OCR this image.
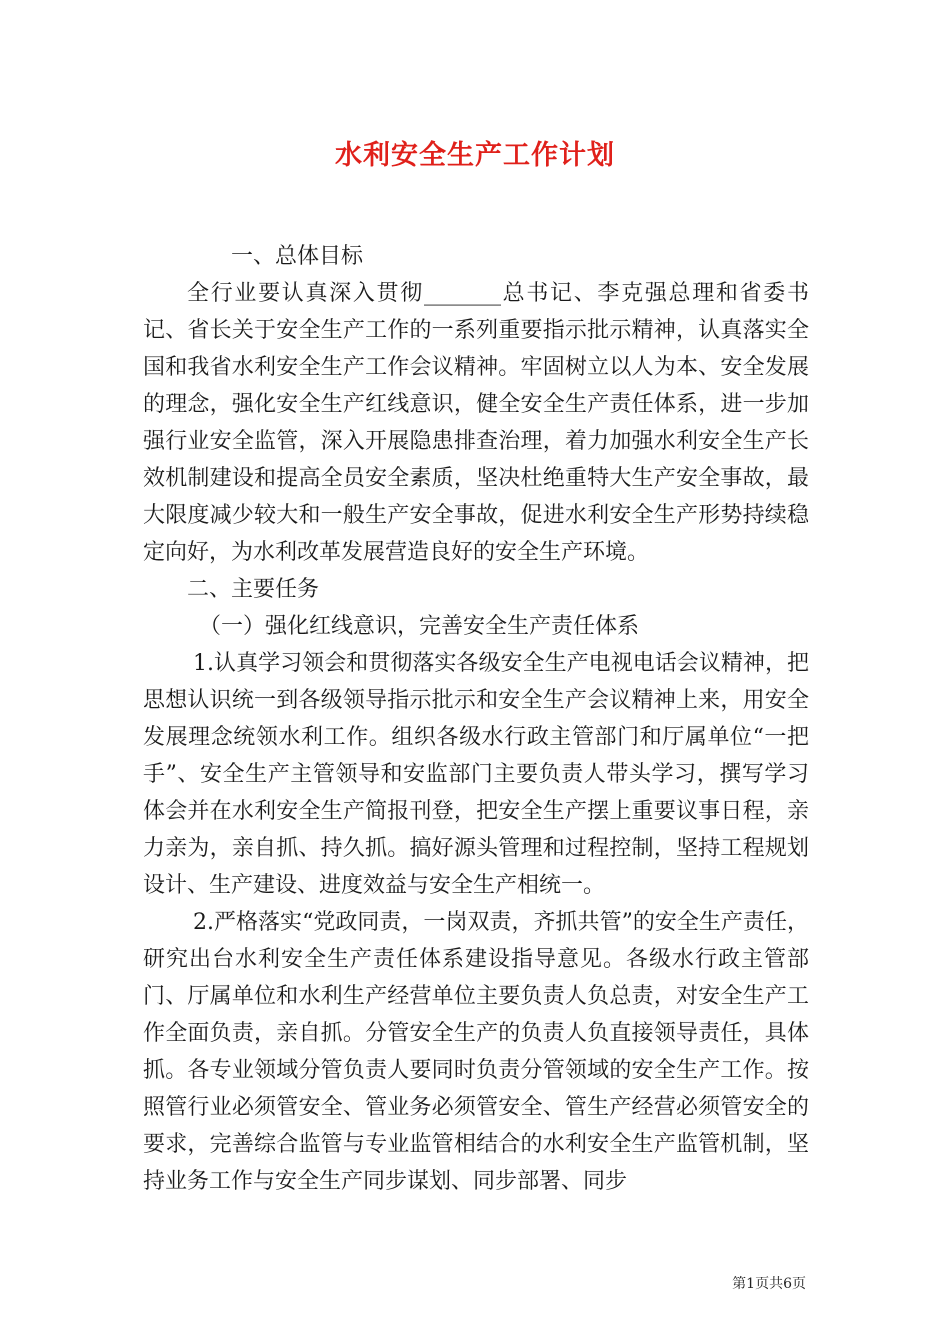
水利安全生产工作计划

一、总体目标

全行业要认真深入贯彻_______总书记、李克强总理和省委书记、省长关于安全生产工作的一系列重要指示批示精神，认真落实全国和我省水利安全生产工作会议精神。牢固树立以人为本、安全发展的理念，强化安全生产红线意识，健全安全生产责任体系，进一步加强行业安全监管，深入开展隐患排查治理，着力加强水利安全生产长效机制建设和提高全员安全素质，坚决杜绝重特大生产安全事故，最大限度减少较大和一般生产安全事故，促进水利安全生产形势持续稳定向好，为水利改革发展营造良好的安全生产环境。

二、主要任务

（一）强化红线意识，完善安全生产责任体系

1.认真学习领会和贯彻落实各级安全生产电视电话会议精神，把思想认识统一到各级领导指示批示和安全生产会议精神上来，用安全发展理念统领水利工作。组织各级水行政主管部门和厅属单位“一把手”、安全生产主管领导和安监部门主要负责人带头学习，撰写学习体会并在水利安全生产简报刊登，把安全生产摆上重要议事日程，亲力亲为，亲自抓、持久抓。搞好源头管理和过程控制，坚持工程规划设计、生产建设、进度效益与安全生产相统一。

2.严格落实“党政同责，一岗双责，齐抓共管”的安全生产责任，研究出台水利安全生产责任体系建设指导意见。各级水行政主管部门、厅属单位和水利生产经营单位主要负责人负总责，对安全生产工作全面负责，亲自抓。分管安全生产的负责人负直接领导责任，具体抓。各专业领域分管负责人要同时负责分管领域的安全生产工作。按照管行业必须管安全、管业务必须管安全、管生产经营必须管安全的要求，完善综合监管与专业监管相结合的水利安全生产监管机制，坚持业务工作与安全生产同步谋划、同步部署、同步

第1页共6页
